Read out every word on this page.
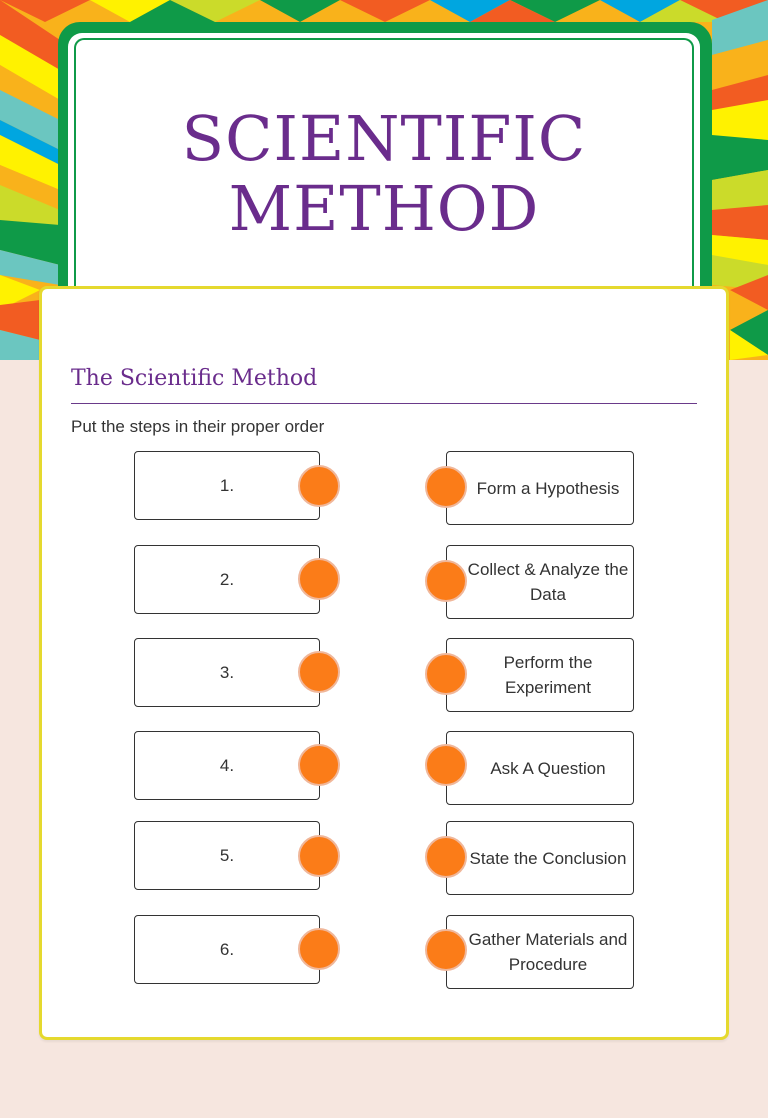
SCIENTIFIC
METHOD
The Scientific Method
Put the steps in their proper order
1.
2.
3.
4.
5.
6.
Form a Hypothesis
Collect & Analyze the Data
Perform the Experiment
Ask A Question
State the Conclusion
Gather Materials and Procedure
